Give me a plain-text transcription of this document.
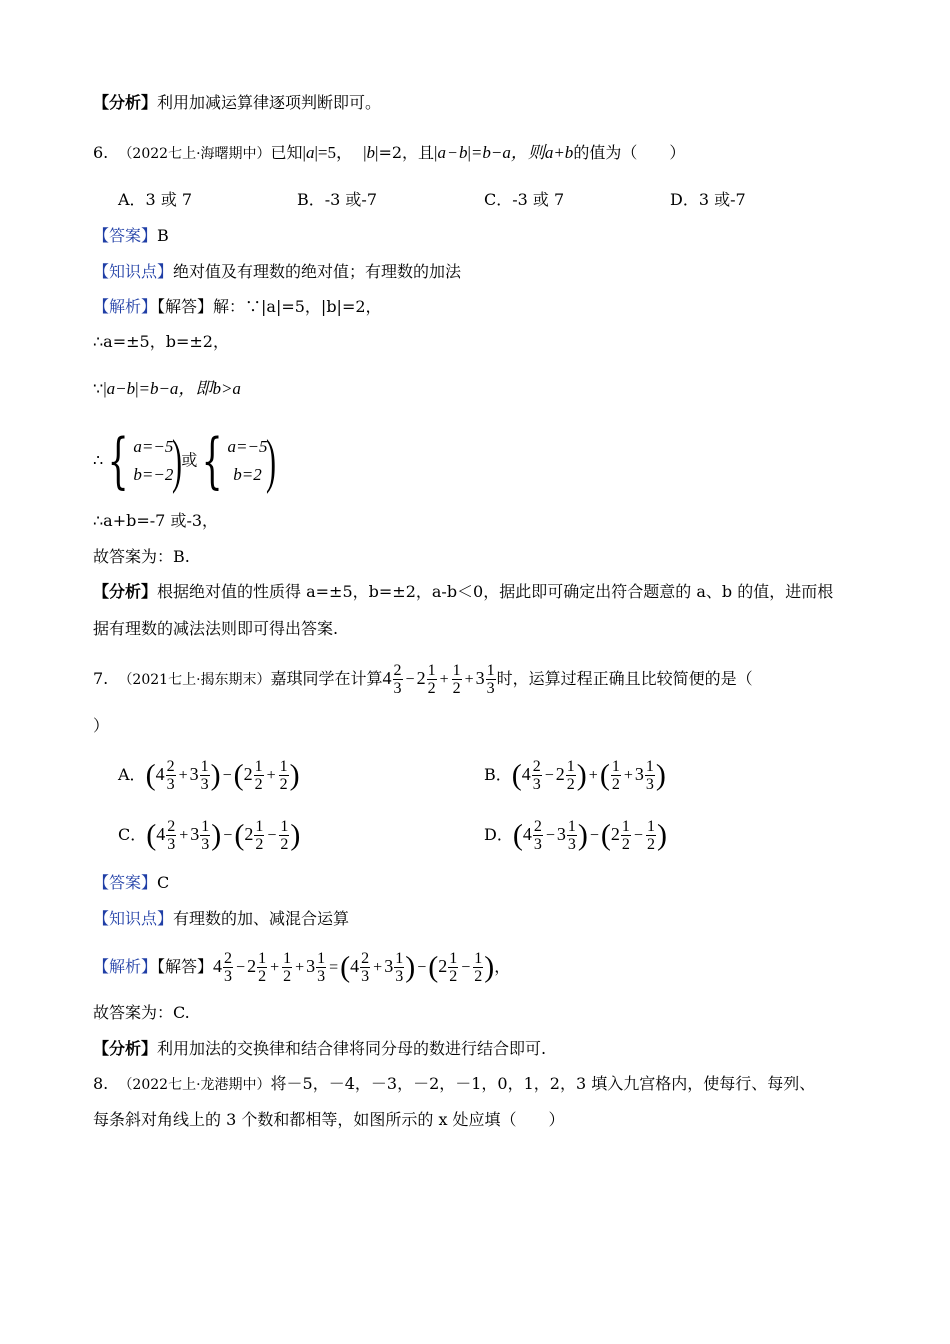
【分析】利用加减运算律逐项判断即可。
6. （2022七上·海曙期中）已知|a|=5， |b|=2，且|a − b|=b−a，则a+b的值为（　　）
A．3 或 7	B．-3 或-7	C．-3 或 7	D．3 或-7
【答案】B
【知识点】绝对值及有理数的绝对值；有理数的加法
【解析】【解答】解：∵|a|=5，|b|=2，
∴a=±5，b=±2，
∵|a−b|=b−a，即b>a
∴ { a=−5
b=−2
)
或 { a=−5
b=2 )
∴a+b=-7 或-3，
故答案为：B.
【分析】根据绝对值的性质得 a=±5，b=±2，a-b＜0，据此即可确定出符合题意的 a、b 的值，进而根
据有理数的减法法则即可得出答案.
7. （2021七上·揭东期末）嘉琪同学在计算$4 \frac{2}{3} - 2 \frac{1}{2} + \frac{1}{2} + 3 \frac{1}{3}$ 时，运算过程正确且比较简便的是（
）
A．($4 \frac{2}{3} + 3 \frac{1}{3}$ ) $-(2 \frac{1}{2} + \frac{1}{2}$ )	B．($4 \frac{2}{3} - 2 \frac{1}{2}$ ) +( $\frac{1}{2} + 3 \frac{1}{3}$ )
C．($4 \frac{2}{3} + 3 \frac{1}{3}$ ) $-(2 \frac{1}{2} - \frac{1}{2}$ )	D．($4 \frac{2}{3} - 3 \frac{1}{3}$ ) $-(2 \frac{1}{2} - \frac{1}{2}$ )
【答案】C
【知识点】有理数的加、减混合运算
【解析】【解答】$4 \frac{2}{3} - 2 \frac{1}{2} + \frac{1}{2} + 3 \frac{1}{3} =(4 \frac{2}{3} + 3 \frac{1}{3}$ ) $-(2 \frac{1}{2} - \frac{1}{2}$ )，
故答案为：C.
【分析】利用加法的交换律和结合律将同分母的数进行结合即可.
8. （2022七上·龙港期中）将－5，－4，－3，－2，－1，0，1，2，3 填入九宫格内，使每行、每列、
每条斜对角线上的 3 个数和都相等，如图所示的 x 处应填（　　）
